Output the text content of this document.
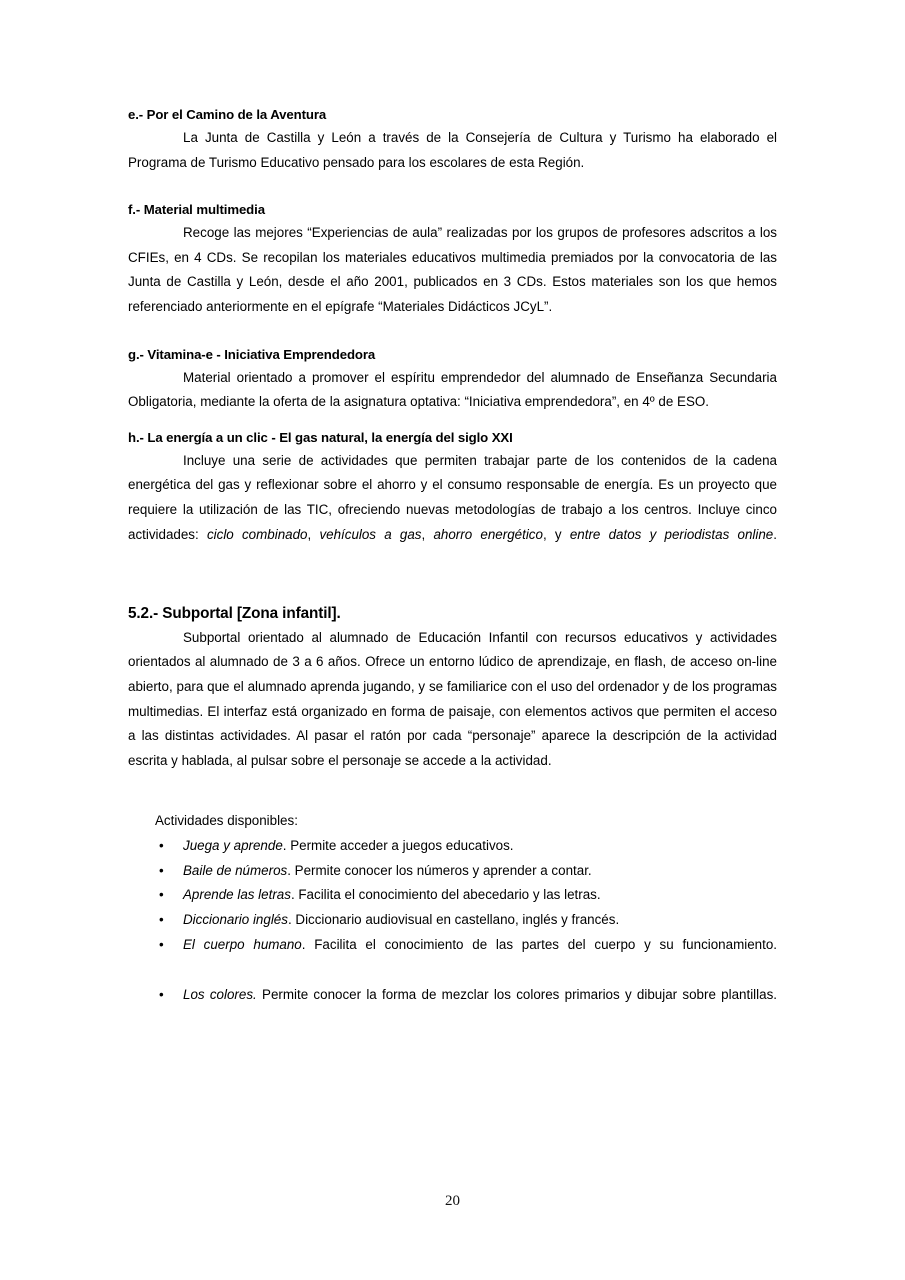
e.- Por el Camino de la Aventura

La Junta de Castilla y León a través de la Consejería de Cultura y Turismo ha elaborado el Programa de Turismo Educativo pensado para los escolares de esta Región.

f.- Material multimedia

Recoge las mejores “Experiencias de aula” realizadas por los grupos de profesores adscritos a los CFIEs, en 4 CDs. Se recopilan los materiales educativos multimedia premiados por la convocatoria de las Junta de Castilla y León, desde el año 2001, publicados en 3 CDs. Estos materiales son los que hemos referenciado anteriormente en el epígrafe “Materiales Didácticos JCyL”.

g.- Vitamina-e - Iniciativa Emprendedora

Material orientado a promover el espíritu emprendedor del alumnado de Enseñanza Secundaria Obligatoria, mediante la oferta de la asignatura optativa: “Iniciativa emprendedora”, en 4º de ESO.

h.- La energía a un clic - El gas natural, la energía del siglo XXI

Incluye una serie de actividades que permiten trabajar parte de los contenidos de la cadena energética del gas y reflexionar sobre el ahorro y el consumo responsable de energía. Es un proyecto que requiere la utilización de las TIC, ofreciendo nuevas metodologías de trabajo a los centros. Incluye cinco actividades: ciclo combinado, vehículos a gas, ahorro energético, y entre datos y periodistas online.

5.2.- Subportal [Zona infantil].

Subportal orientado al alumnado de Educación Infantil con recursos educativos y actividades orientados al alumnado de 3 a 6 años. Ofrece un entorno lúdico de aprendizaje, en flash, de acceso on-line abierto, para que el alumnado aprenda jugando, y se familiarice con el uso del ordenador y de los programas multimedias. El interfaz está organizado en forma de paisaje, con elementos activos que permiten el acceso a las distintas actividades. Al pasar el ratón por cada “personaje” aparece la descripción de la actividad escrita y hablada, al pulsar sobre el personaje se accede a la actividad.

Actividades disponibles:

• Juega y aprende. Permite acceder a juegos educativos.
• Baile de números. Permite conocer los números y aprender a contar.
• Aprende las letras. Facilita el conocimiento del abecedario y las letras.
• Diccionario inglés. Diccionario audiovisual en castellano, inglés y francés.
• El cuerpo humano. Facilita el conocimiento de las partes del cuerpo y su funcionamiento.
• Los colores. Permite conocer la forma de mezclar los colores primarios y dibujar sobre plantillas.
20
